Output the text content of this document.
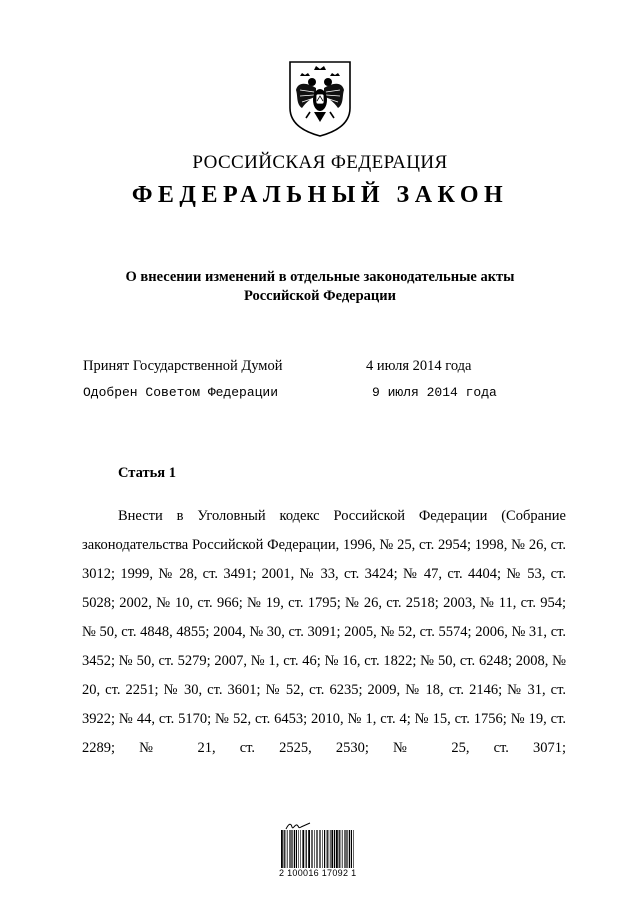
РОССИЙСКАЯ ФЕДЕРАЦИЯ
ФЕДЕРАЛЬНЫЙ ЗАКОН
О внесении изменений в отдельные законодательные акты
Российской Федерации
Принят Государственной Думой	4 июля 2014 года
Одобрен Советом Федерации	9 июля 2014 года
Статья 1
Внести в Уголовный кодекс Российской Федерации (Собрание законодательства Российской Федерации, 1996, № 25, ст. 2954; 1998, № 26, ст. 3012; 1999, № 28, ст. 3491; 2001, № 33, ст. 3424; № 47, ст. 4404; № 53, ст. 5028; 2002, № 10, ст. 966; № 19, ст. 1795; № 26, ст. 2518; 2003, № 11, ст. 954; № 50, ст. 4848, 4855; 2004, № 30, ст. 3091; 2005, № 52, ст. 5574; 2006, № 31, ст. 3452; № 50, ст. 5279; 2007, № 1, ст. 46; № 16, ст. 1822; № 50, ст. 6248; 2008, № 20, ст. 2251; № 30, ст. 3601; № 52, ст. 6235; 2009, № 18, ст. 2146; № 31, ст. 3922; № 44, ст. 5170; № 52, ст. 6453; 2010, № 1, ст. 4; № 15, ст. 1756; № 19, ст. 2289; № 21, ст. 2525, 2530; № 25, ст. 3071;
2 100016 17092 1
